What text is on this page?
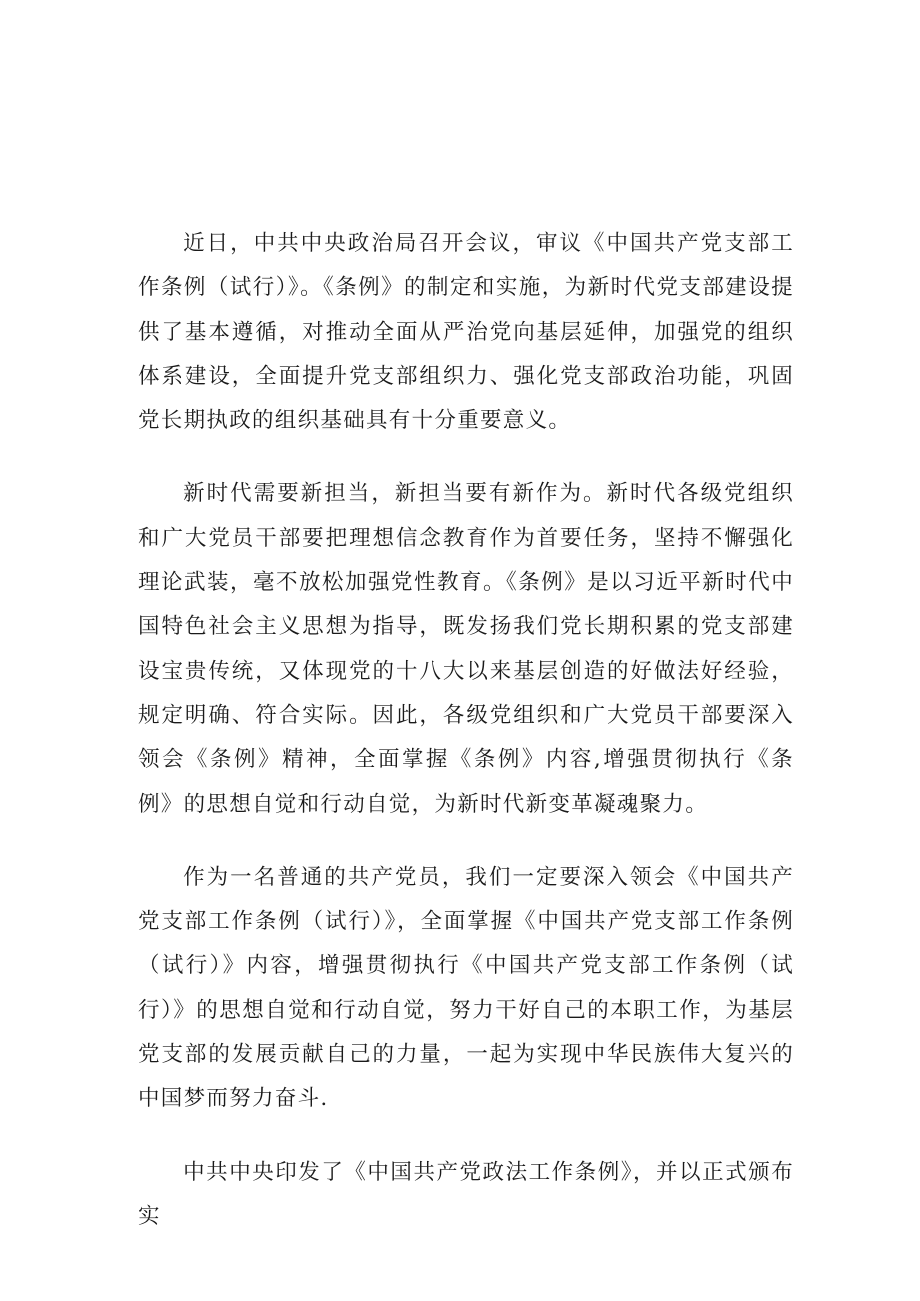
近日，中共中央政治局召开会议，审议《中国共产党支部工作条例（试行）》。《条例》的制定和实施，为新时代党支部建设提供了基本遵循，对推动全面从严治党向基层延伸，加强党的组织体系建设，全面提升党支部组织力、强化党支部政治功能，巩固党长期执政的组织基础具有十分重要意义。

新时代需要新担当，新担当要有新作为。新时代各级党组织和广大党员干部要把理想信念教育作为首要任务，坚持不懈强化理论武装，毫不放松加强党性教育。《条例》是以习近平新时代中国特色社会主义思想为指导，既发扬我们党长期积累的党支部建设宝贵传统，又体现党的十八大以来基层创造的好做法好经验，规定明确、符合实际。因此，各级党组织和广大党员干部要深入领会《条例》精神，全面掌握《条例》内容,增强贯彻执行《条例》的思想自觉和行动自觉，为新时代新变革凝魂聚力。

作为一名普通的共产党员，我们一定要深入领会《中国共产党支部工作条例（试行）》，全面掌握《中国共产党支部工作条例（试行）》内容，增强贯彻执行《中国共产党支部工作条例（试行）》的思想自觉和行动自觉，努力干好自己的本职工作，为基层党支部的发展贡献自己的力量，一起为实现中华民族伟大复兴的中国梦而努力奋斗.

中共中央印发了《中国共产党政法工作条例》，并以正式颁布实
